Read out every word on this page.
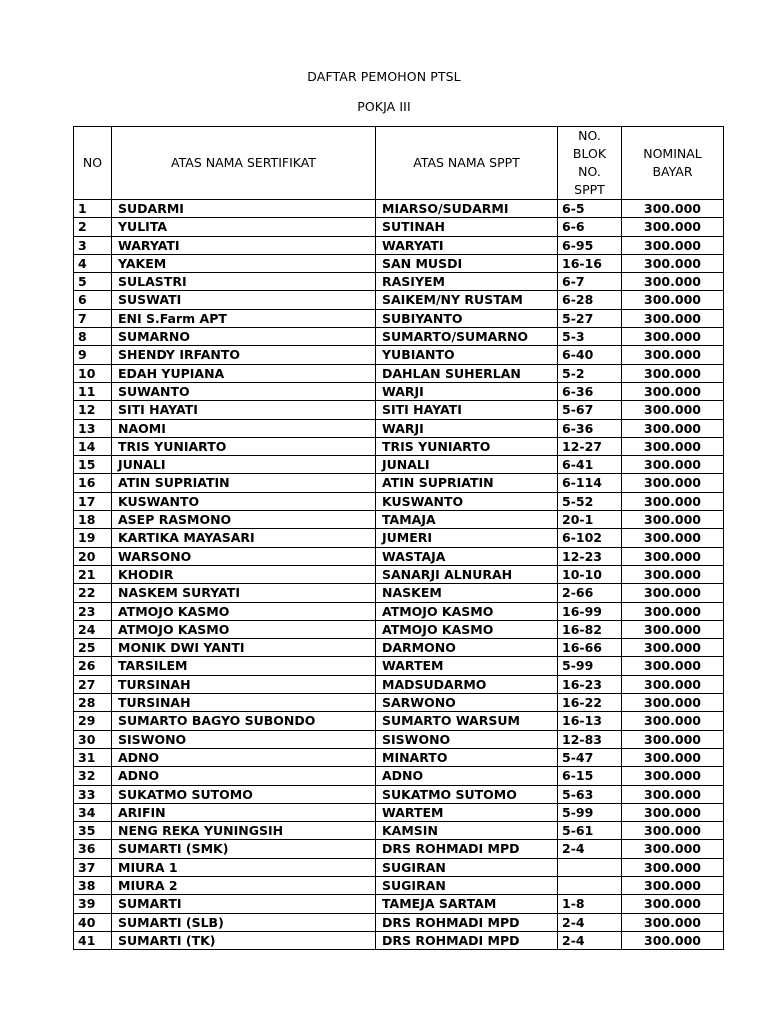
DAFTAR PEMOHON PTSL
POKJA III
NO	ATAS NAMA SERTIFIKAT	ATAS NAMA SPPT	NO. BLOK NO. SPPT	NOMINAL BAYAR
1	SUDARMI	MIARSO/SUDARMI	6-5	300.000
2	YULITA	SUTINAH	6-6	300.000
3	WARYATI	WARYATI	6-95	300.000
4	YAKEM	SAN MUSDI	16-16	300.000
5	SULASTRI	RASIYEM	6-7	300.000
6	SUSWATI	SAIKEM/NY RUSTAM	6-28	300.000
7	ENI S.Farm APT	SUBIYANTO	5-27	300.000
8	SUMARNO	SUMARTO/SUMARNO	5-3	300.000
9	SHENDY IRFANTO	YUBIANTO	6-40	300.000
10	EDAH YUPIANA	DAHLAN SUHERLAN	5-2	300.000
11	SUWANTO	WARJI	6-36	300.000
12	SITI HAYATI	SITI HAYATI	5-67	300.000
13	NAOMI	WARJI	6-36	300.000
14	TRIS YUNIARTO	TRIS YUNIARTO	12-27	300.000
15	JUNALI	JUNALI	6-41	300.000
16	ATIN SUPRIATIN	ATIN SUPRIATIN	6-114	300.000
17	KUSWANTO	KUSWANTO	5-52	300.000
18	ASEP RASMONO	TAMAJA	20-1	300.000
19	KARTIKA MAYASARI	JUMERI	6-102	300.000
20	WARSONO	WASTAJA	12-23	300.000
21	KHODIR	SANARJI ALNURAH	10-10	300.000
22	NASKEM SURYATI	NASKEM	2-66	300.000
23	ATMOJO KASMO	ATMOJO KASMO	16-99	300.000
24	ATMOJO KASMO	ATMOJO KASMO	16-82	300.000
25	MONIK DWI YANTI	DARMONO	16-66	300.000
26	TARSILEM	WARTEM	5-99	300.000
27	TURSINAH	MADSUDARMO	16-23	300.000
28	TURSINAH	SARWONO	16-22	300.000
29	SUMARTO BAGYO SUBONDO	SUMARTO WARSUM	16-13	300.000
30	SISWONO	SISWONO	12-83	300.000
31	ADNO	MINARTO	5-47	300.000
32	ADNO	ADNO	6-15	300.000
33	SUKATMO SUTOMO	SUKATMO SUTOMO	5-63	300.000
34	ARIFIN	WARTEM	5-99	300.000
35	NENG REKA YUNINGSIH	KAMSIN	5-61	300.000
36	SUMARTI (SMK)	DRS ROHMADI MPD	2-4	300.000
37	MIURA 1	SUGIRAN		300.000
38	MIURA 2	SUGIRAN		300.000
39	SUMARTI	TAMEJA SARTAM	1-8	300.000
40	SUMARTI (SLB)	DRS ROHMADI MPD	2-4	300.000
41	SUMARTI (TK)	DRS ROHMADI MPD	2-4	300.000
